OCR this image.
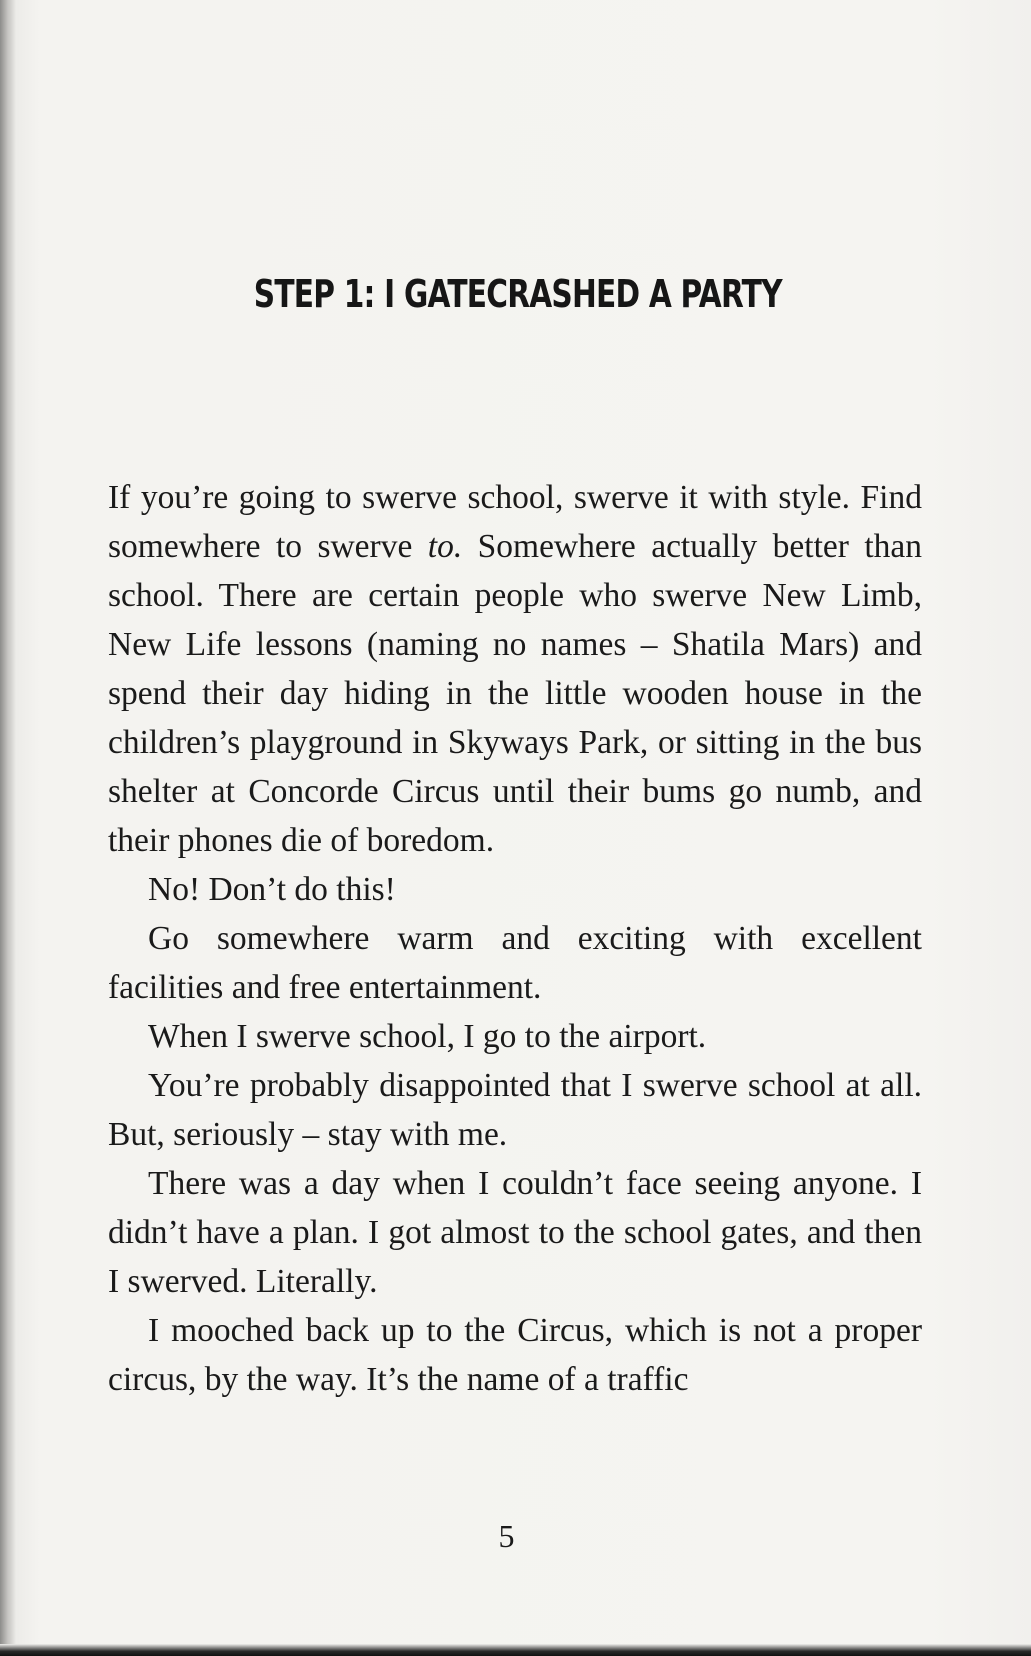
STEP 1: I GATECRASHED A PARTY

If you’re going to swerve school, swerve it with style. Find somewhere to swerve to. Somewhere actually better than school. There are certain people who swerve New Limb, New Life lessons (naming no names – Shatila Mars) and spend their day hiding in the little wooden house in the children’s playground in Skyways Park, or sitting in the bus shelter at Concorde Circus until their bums go numb, and their phones die of boredom.

No! Don’t do this!

Go somewhere warm and exciting with excellent facilities and free entertainment.

When I swerve school, I go to the airport.

You’re probably disappointed that I swerve school at all. But, seriously – stay with me.

There was a day when I couldn’t face seeing anyone. I didn’t have a plan. I got almost to the school gates, and then I swerved. Literally.

I mooched back up to the Circus, which is not a proper circus, by the way. It’s the name of a traffic

5
